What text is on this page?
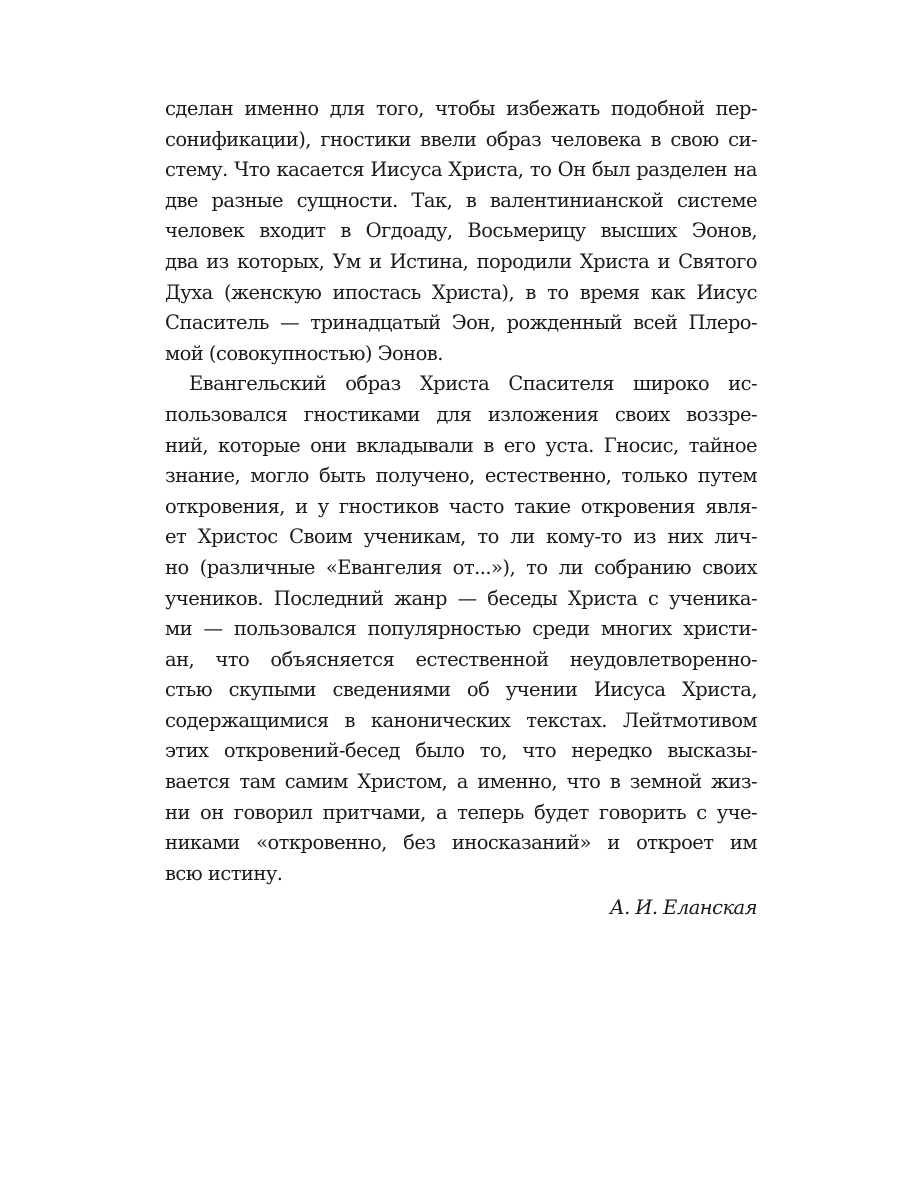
сделан именно для того, чтобы избежать подобной пер-
сонификации), гностики ввели образ человека в свою си-
стему. Что касается Иисуса Христа, то Он был разделен на
две разные сущности. Так, в валентинианской системе
человек входит в Огдоаду, Восьмерицу высших Эонов,
два из которых, Ум и Истина, породили Христа и Святого
Духа (женскую ипостась Христа), в то время как Иисус
Спаситель — тринадцатый Эон, рожденный всей Плеро-
мой (совокупностью) Эонов.
Евангельский образ Христа Спасителя широко ис-
пользовался гностиками для изложения своих воззре-
ний, которые они вкладывали в его уста. Гносис, тайное
знание, могло быть получено, естественно, только путем
откровения, и у гностиков часто такие откровения явля-
ет Христос Своим ученикам, то ли кому-то из них лич-
но (различные «Евангелия от...»), то ли собранию своих
учеников. Последний жанр — беседы Христа с ученика-
ми — пользовался популярностью среди многих христи-
ан, что объясняется естественной неудовлетворенно-
стью скупыми сведениями об учении Иисуса Христа,
содержащимися в канонических текстах. Лейтмотивом
этих откровений-бесед было то, что нередко высказы-
вается там самим Христом, а именно, что в земной жиз-
ни он говорил притчами, а теперь будет говорить с уче-
никами «откровенно, без иносказаний» и откроет им
всю истину.
А. И. Еланская
